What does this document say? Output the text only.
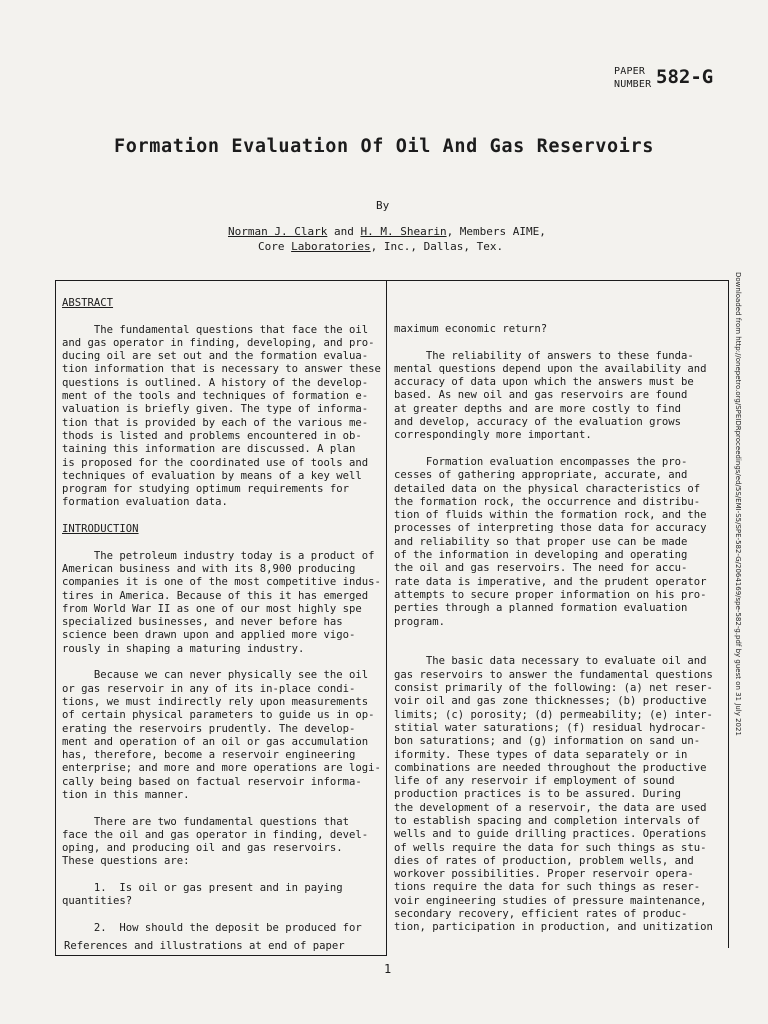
PAPER
NUMBER 582-G
Formation Evaluation Of Oil And Gas Reservoirs
By
Norman J. Clark and H. M. Shearin, Members AIME,
Core Laboratories, Inc., Dallas, Tex.
ABSTRACT
The fundamental questions that face the oil
and gas operator in finding, developing, and pro-
ducing oil are set out and the formation evalua-
tion information that is necessary to answer these
questions is outlined. A history of the develop-
ment of the tools and techniques of formation e-
valuation is briefly given. The type of informa-
tion that is provided by each of the various me-
thods is listed and problems encountered in ob-
taining this information are discussed. A plan
is proposed for the coordinated use of tools and
techniques of evaluation by means of a key well
program for studying optimum requirements for
formation evaluation data.
INTRODUCTION
The petroleum industry today is a product of
American business and with its 8,900 producing
companies it is one of the most competitive indus-
tires in America. Because of this it has emerged
from World War II as one of our most highly spe
specialized businesses, and never before has
science been drawn upon and applied more vigo-
rously in shaping a maturing industry.
Because we can never physically see the oil
or gas reservoir in any of its in-place condi-
tions, we must indirectly rely upon measurements
of certain physical parameters to guide us in op-
erating the reservoirs prudently. The develop-
ment and operation of an oil or gas accumulation
has, therefore, become a reservoir engineering
enterprise; and more and more operations are logi-
cally being based on factual reservoir informa-
tion in this manner.
There are two fundamental questions that
face the oil and gas operator in finding, devel-
oping, and producing oil and gas reservoirs.
These questions are:
1.  Is oil or gas present and in paying
quantities?
2.  How should the deposit be produced for
References and illustrations at end of paper
maximum economic return?
The reliability of answers to these funda-
mental questions depend upon the availability and
accuracy of data upon which the answers must be
based. As new oil and gas reservoirs are found
at greater depths and are more costly to find
and develop, accuracy of the evaluation grows
correspondingly more important.
Formation evaluation encompasses the pro-
cesses of gathering appropriate, accurate, and
detailed data on the physical characteristics of
the formation rock, the occurrence and distribu-
tion of fluids within the formation rock, and the
processes of interpreting those data for accuracy
and reliability so that proper use can be made
of the information in developing and operating
the oil and gas reservoirs. The need for accu-
rate data is imperative, and the prudent operator
attempts to secure proper information on his pro-
perties through a planned formation evaluation
program.
The basic data necessary to evaluate oil and
gas reservoirs to answer the fundamental questions
consist primarily of the following: (a) net reser-
voir oil and gas zone thicknesses; (b) productive
limits; (c) porosity; (d) permeability; (e) inter-
stitial water saturations; (f) residual hydrocar-
bon saturations; and (g) information on sand un-
iformity. These types of data separately or in
combinations are needed throughout the productive
life of any reservoir if employment of sound
production practices is to be assured. During
the development of a reservoir, the data are used
to establish spacing and completion intervals of
wells and to guide drilling practices. Operations
of wells require the data for such things as stu-
dies of rates of production, problem wells, and
workover possibilities. Proper reservoir opera-
tions require the data for such things as reser-
voir engineering studies of pressure maintenance,
secondary recovery, efficient rates of produc-
tion, participation in production, and unitization
Downloaded from http://onepetro.org/SPEIDRproceedings/ed/5S/EMI-S5/SPE-582-G/2064169/spe-582-g.pdf by guest on 31 July 2021
1
